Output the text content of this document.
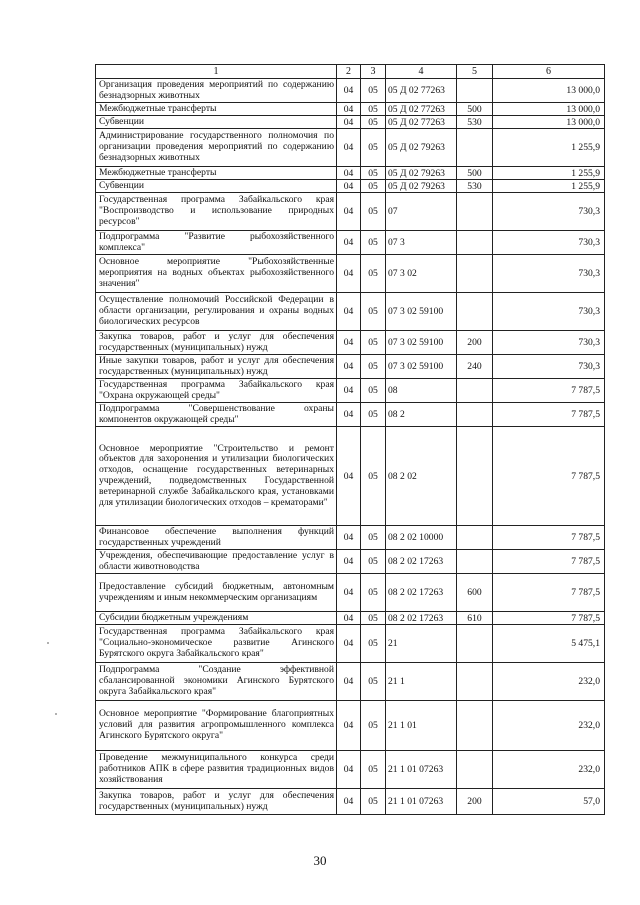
1	2	3	4	5	6
Организация проведения мероприятий по содержанию безнадзорных животных	04	05	05 Д 02 77263		13 000,0
Межбюджетные трансферты	04	05	05 Д 02 77263	500	13 000,0
Субвенции	04	05	05 Д 02 77263	530	13 000,0
Администрирование государственного полномочия по организации проведения мероприятий по содержанию безнадзорных животных	04	05	05 Д 02 79263		1 255,9
Межбюджетные трансферты	04	05	05 Д 02 79263	500	1 255,9
Субвенции	04	05	05 Д 02 79263	530	1 255,9
Государственная программа Забайкальского края "Воспроизводство и использование природных ресурсов"	04	05	07		730,3
Подпрограмма "Развитие рыбохозяйственного комплекса"	04	05	07 3		730,3
Основное мероприятие "Рыбохозяйственные мероприятия на водных объектах рыбохозяйственного значения"	04	05	07 3 02		730,3
Осуществление полномочий Российской Федерации в области организации, регулирования и охраны водных биологических ресурсов	04	05	07 3 02 59100		730,3
Закупка товаров, работ и услуг для обеспечения государственных (муниципальных) нужд	04	05	07 3 02 59100	200	730,3
Иные закупки товаров, работ и услуг для обеспечения государственных (муниципальных) нужд	04	05	07 3 02 59100	240	730,3
Государственная программа Забайкальского края "Охрана окружающей среды"	04	05	08		7 787,5
Подпрограмма "Совершенствование охраны компонентов окружающей среды"	04	05	08 2		7 787,5
Основное мероприятие "Строительство и ремонт объектов для захоронения и утилизации биологических отходов, оснащение государственных ветеринарных учреждений, подведомственных Государственной ветеринарной службе Забайкальского края, установками для утилизации биологических отходов – крематорами"	04	05	08 2 02		7 787,5
Финансовое обеспечение выполнения функций государственных учреждений	04	05	08 2 02 10000		7 787,5
Учреждения, обеспечивающие предоставление услуг в области животноводства	04	05	08 2 02 17263		7 787,5
Предоставление субсидий бюджетным, автономным учреждениям и иным некоммерческим организациям	04	05	08 2 02 17263	600	7 787,5
Субсидии бюджетным учреждениям	04	05	08 2 02 17263	610	7 787,5
Государственная программа Забайкальского края "Социально-экономическое развитие Агинского Бурятского округа Забайкальского края"	04	05	21		5 475,1
Подпрограмма "Создание эффективной сбалансированной экономики Агинского Бурятского округа Забайкальского края"	04	05	21 1		232,0
Основное мероприятие "Формирование благоприятных условий для развития агропромышленного комплекса Агинского Бурятского округа"	04	05	21 1 01		232,0
Проведение межмуниципального конкурса среди работников АПК в сфере развития традиционных видов хозяйствования	04	05	21 1 01 07263		232,0
Закупка товаров, работ и услуг для обеспечения государственных (муниципальных) нужд	04	05	21 1 01 07263	200	57,0
30
